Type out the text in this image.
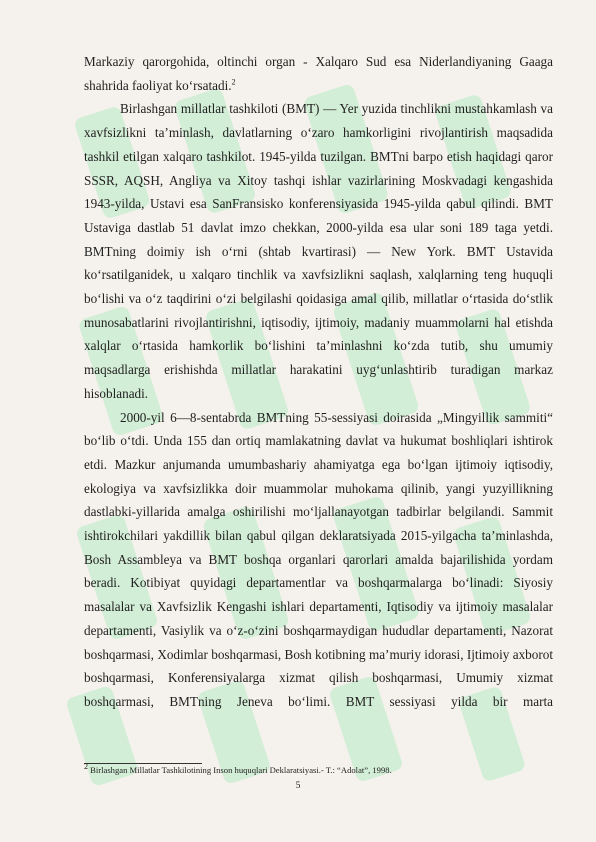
Markaziy qarorgohida, oltinchi organ - Xalqaro Sud esa Niderlandiyaning Gaaga

shahrida faoliyat ko‘rsatadi.$^2$

Birlashgan millatlar tashkiloti (BMT) — Yer yuzida tinchlikni mustahkamlash va xavfsizlikni ta’minlash, davlatlarning o‘zaro hamkorligini rivojlantirish maqsadida tashkil etilgan xalqaro tashkilot. 1945-yilda tuzilgan. BMTni barpo etish haqidagi qaror SSSR, AQSH, Angliya va Xitoy tashqi ishlar vazirlarining Moskvadagi kengashida 1943-yilda, Ustavi esa SanFransisko konferensiyasida 1945-yilda qabul qilindi. BMT Ustaviga dastlab 51 davlat imzo chekkan, 2000-yilda esa ular soni 189 taga yetdi. BMTning doimiy ish o‘rni (shtab kvartirasi) — New York. BMT Ustavida ko‘rsatilganidek, u xalqaro tinchlik va xavfsizlikni saqlash, xalqlarning teng huquqli bo‘lishi va o‘z taqdirini o‘zi belgilashi qoidasiga amal qilib, millatlar o‘rtasida do‘stlik munosabatlarini rivojlantirishni, iqtisodiy, ijtimoiy, madaniy muammolarni hal etishda xalqlar o‘rtasida hamkorlik bo‘lishini ta’minlashni ko‘zda tutib, shu umumiy maqsadlarga erishishda millatlar harakatini uyg‘unlashtirib turadigan markaz hisoblanadi.

2000-yil 6—8-sentabrda BMTning 55-sessiyasi doirasida „Mingyillik sammiti“ bo‘lib o‘tdi. Unda 155 dan ortiq mamlakatning davlat va hukumat boshliqlari ishtirok etdi. Mazkur anjumanda umumbashariy ahamiyatga ega bo‘lgan ijtimoiy iqtisodiy, ekologiya va xavfsizlikka doir muammolar muhokama qilinib, yangi yuzyillikning dastlabki-yillarida amalga oshirilishi mo‘ljallanayotgan tadbirlar belgilandi. Sammit ishtirokchilari yakdillik bilan qabul qilgan deklaratsiyada 2015-yilgacha ta’minlashda, Bosh Assambleya va BMT boshqa organlari qarorlari amalda bajarilishida yordam beradi. Kotibiyat quyidagi departamentlar va boshqarmalarga bo‘linadi: Siyosiy masalalar va Xavfsizlik Kengashi ishlari departamenti, Iqtisodiy va ijtimoiy masalalar departamenti, Vasiylik va o‘z-o‘zini boshqarmaydigan hududlar departamenti, Nazorat boshqarmasi, Xodimlar boshqarmasi, Bosh kotibning ma’muriy idorasi, Ijtimoiy axborot boshqarmasi, Konferensiyalarga xizmat qilish boshqarmasi, Umumiy xizmat boshqarmasi, BMTning Jeneva bo‘limi. BMT sessiyasi yilda bir marta

$^2$ Birlashgan Millatlar Tashkilotining Inson huquqlari Deklaratsiyasi.- T.: “Adolat”, 1998.
5
